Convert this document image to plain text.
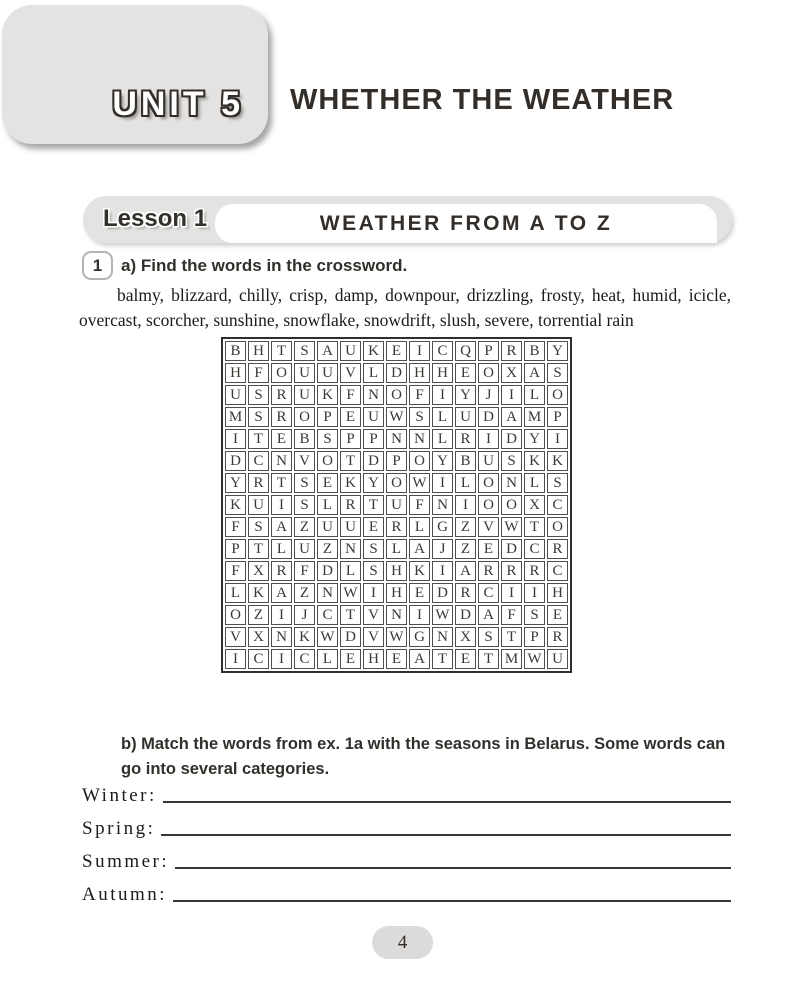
UNIT 5 WHETHER THE WEATHER
Lesson 1	WEATHER FROM A TO Z
1	a) Find the words in the crossword.
balmy, blizzard, chilly, crisp, damp, downpour, drizzling, frosty, heat, humid, icicle, overcast, scorcher, sunshine, snowflake, snowdrift, slush, severe, torrential rain
B	H	T	S	A	U	K	E	I	C	Q	P	R	B	Y
H	F	O	U	U	V	L	D	H	H	E	O	X	A	S
U	S	R	U	K	F	N	O	F	I	Y	J	I	L	O
M	S	R	O	P	E	U	W	S	L	U	D	A	M	P
I	T	E	B	S	P	P	N	N	L	R	I	D	Y	I
D	C	N	V	O	T	D	P	O	Y	B	U	S	K	K
Y	R	T	S	E	K	Y	O	W	I	L	O	N	L	S
K	U	I	S	L	R	T	U	F	N	I	O	O	X	C
F	S	A	Z	U	U	E	R	L	G	Z	V	W	T	O
P	T	L	U	Z	N	S	L	A	J	Z	E	D	C	R
F	X	R	F	D	L	S	H	K	I	A	R	R	R	C
L	K	A	Z	N	W	I	H	E	D	R	C	I	I	H
O	Z	I	J	C	T	V	N	I	W	D	A	F	S	E
V	X	N	K	W	D	V	W	G	N	X	S	T	P	R
I	C	I	C	L	E	H	E	A	T	E	T	M	W	U
b) Match the words from ex. 1a with the seasons in Belarus. Some words can go into several categories.
Winter:
Spring:
Summer:
Autumn:
4
